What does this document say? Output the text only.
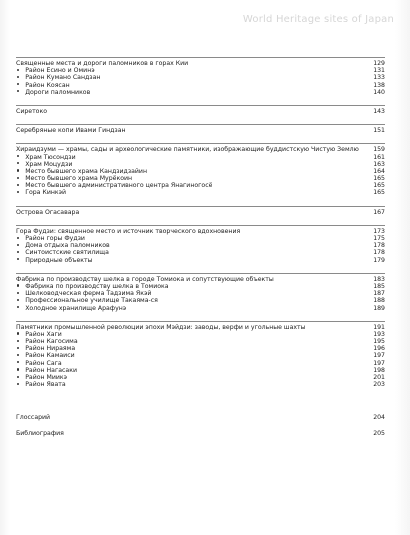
World Heritage sites of Japan
Священные места и дороги паломников в горах Кии	129
Район Ёсино и Оминэ	131
Район Кумано Сандзан	133
Район Коясан	138
Дороги паломников	140
Сиретоко	143
Серебряные копи Ивами Гиндзан	151
Хираидзуми — храмы, сады и археологические памятники, изображающие буддистскую Чистую Землю	159
Храм Тюсондзи	161
Храм Моцудзи	163
Место бывшего храма Кандзидзайин	164
Место бывшего храма Мурёкоин	165
Место бывшего административного центра Янагиногосё	165
Гора Кинкэй	165
Острова Огасавара	167
Гора Фудзи: священное место и источник творческого вдохновения	173
Район горы Фудзи	175
Дома отдыха паломников	178
Синтоистские святилища	178
Природные объекты	179
Фабрика по производству шелка в городе Томиока и сопутствующие объекты	183
Фабрика по производству шелка в Томиока	185
Шелководческая ферма Тадзима Якэй	187
Профессиональное училище Такаяма-ся	188
Холодное хранилище Арафунэ	189
Памятники промышленной революции эпохи Мэйдзи: заводы, верфи и угольные шахты	191
Район Хаги	193
Район Кагосима	195
Район Нираяма	196
Район Камаиси	197
Район Сага	197
Район Нагасаки	198
Район Миикэ	201
Район Явата	203
Глоссарий	204
Библиография	205
